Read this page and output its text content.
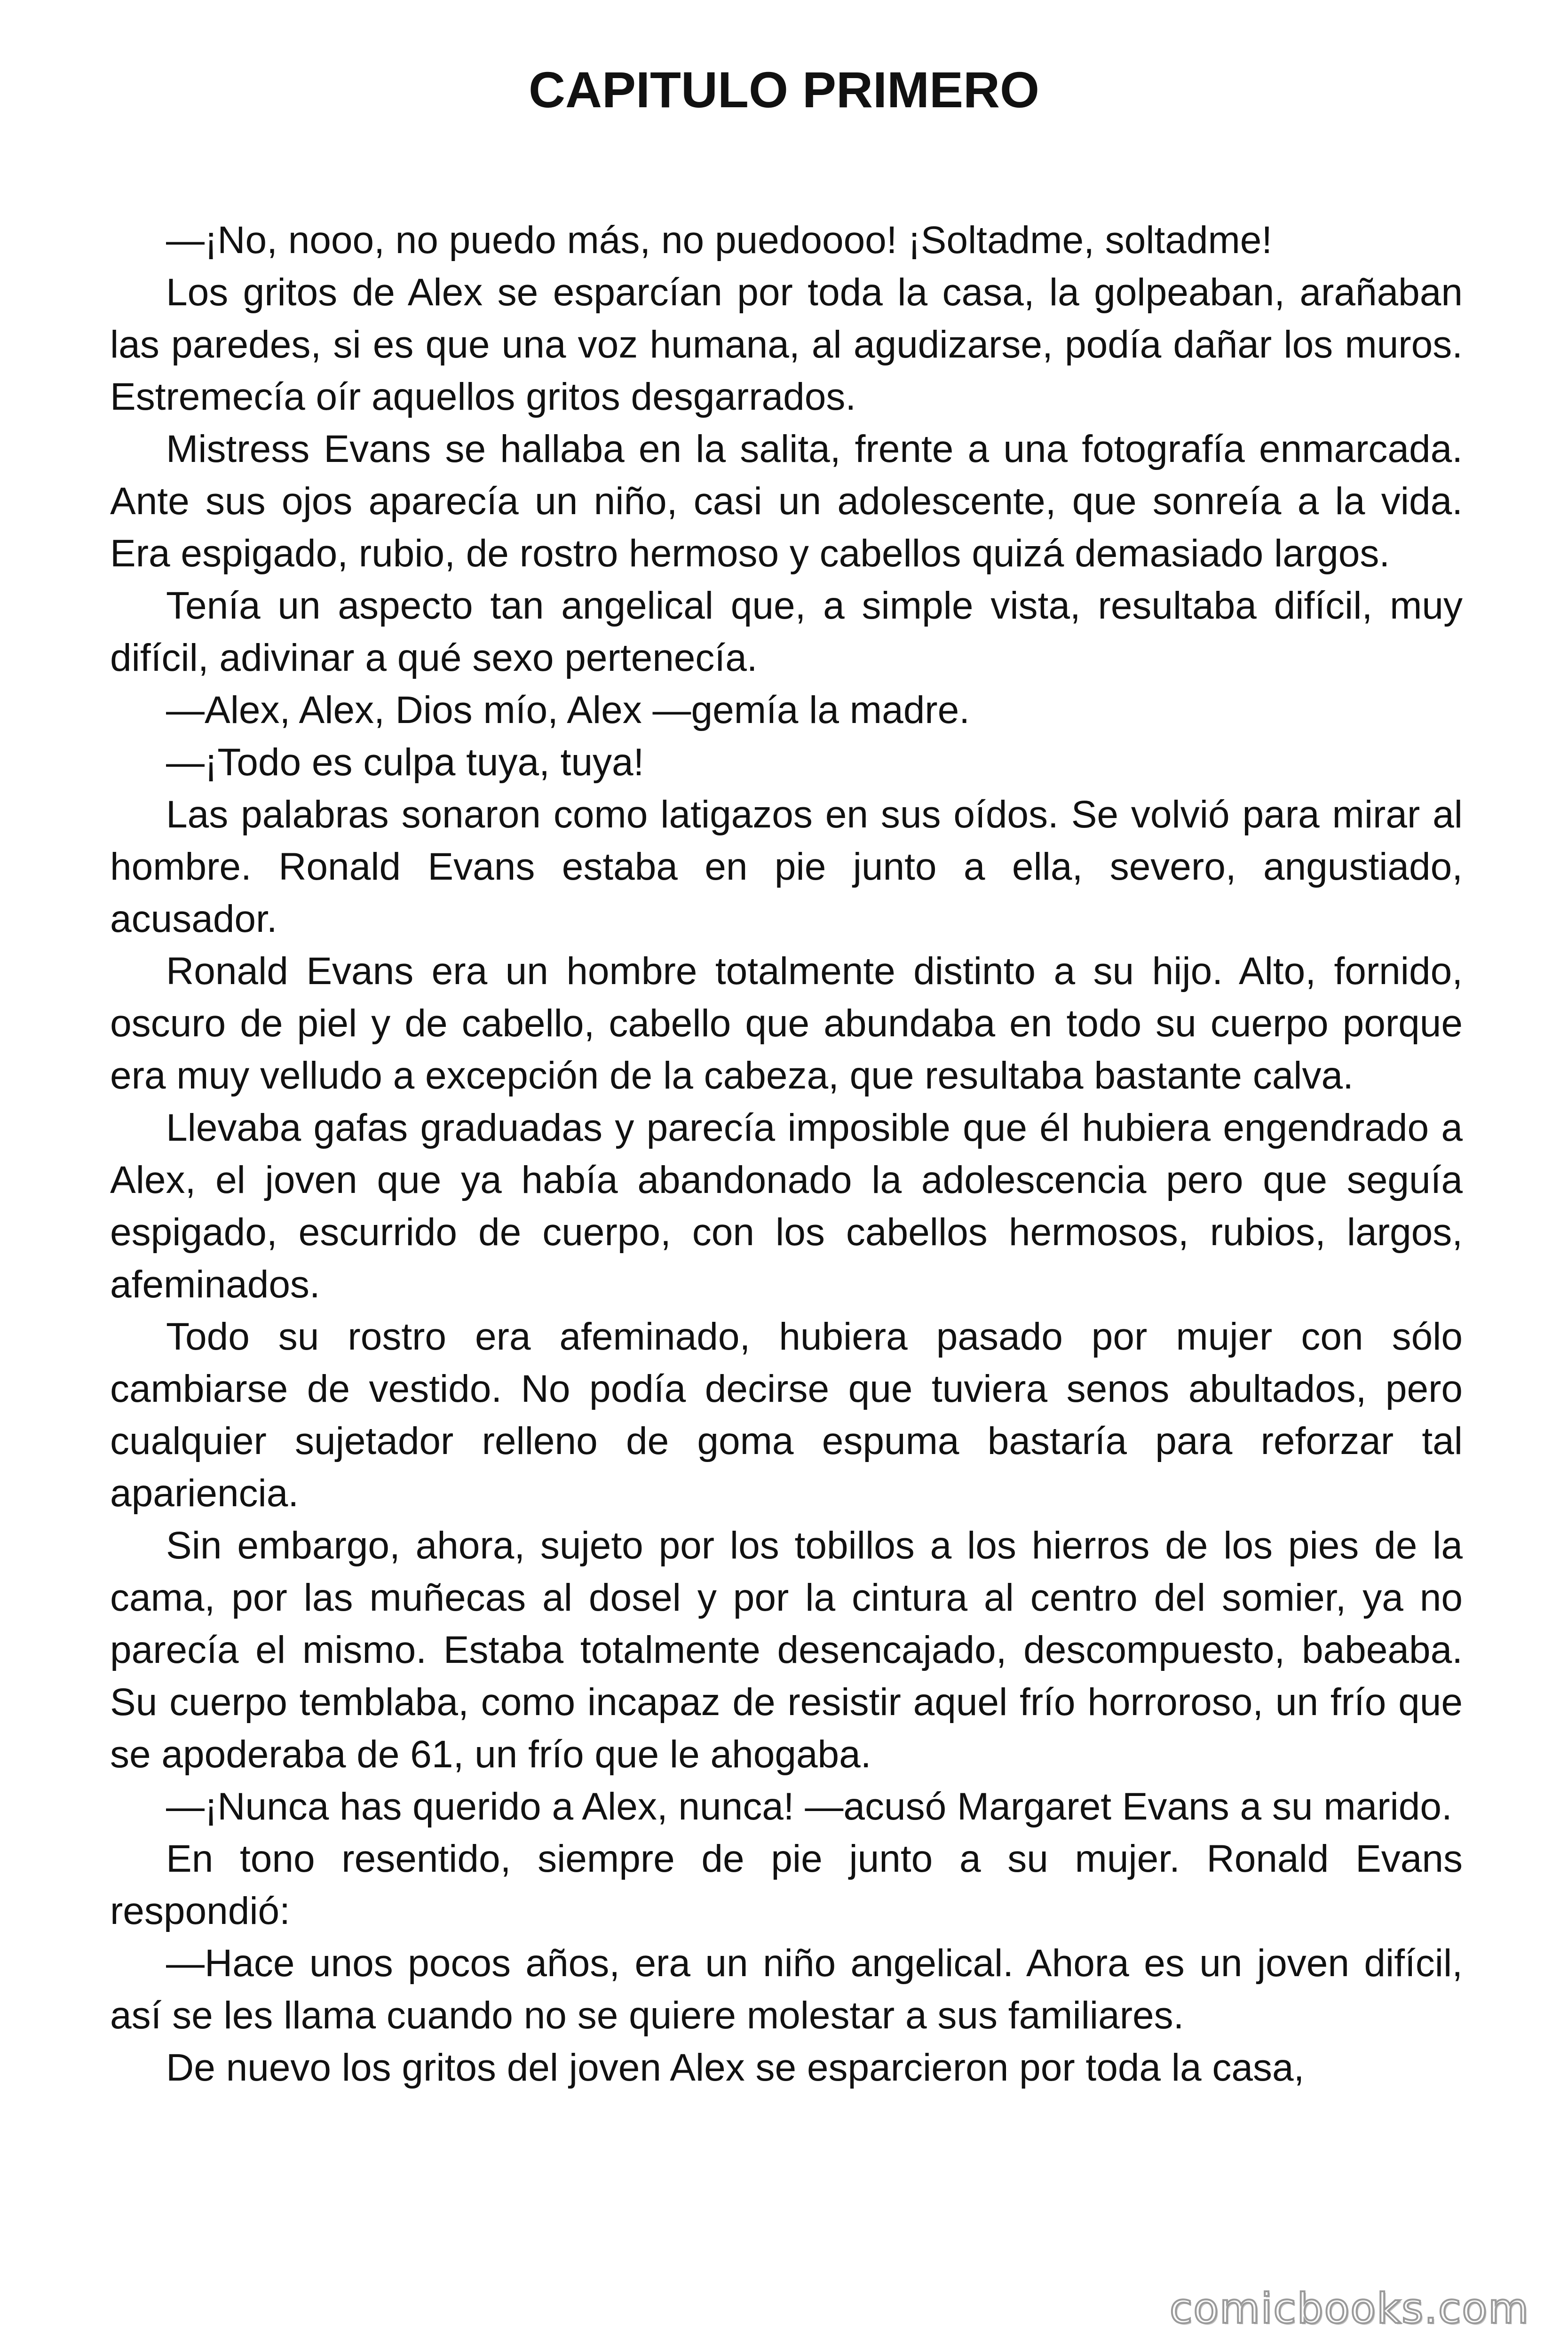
CAPITULO PRIMERO

—¡No, nooo, no puedo más, no puedoooo! ¡Soltadme, soltadme!

Los gritos de Alex se esparcían por toda la casa, la golpeaban, arañaban las paredes, si es que una voz humana, al agudizarse, podía dañar los muros. Estremecía oír aquellos gritos desgarrados.

Mistress Evans se hallaba en la salita, frente a una fotografía enmarcada. Ante sus ojos aparecía un niño, casi un adolescente, que sonreía a la vida. Era espigado, rubio, de rostro hermoso y cabellos quizá demasiado largos.

Tenía un aspecto tan angelical que, a simple vista, resultaba difícil, muy difícil, adivinar a qué sexo pertenecía.

—Alex, Alex, Dios mío, Alex —gemía la madre.

—¡Todo es culpa tuya, tuya!

Las palabras sonaron como latigazos en sus oídos. Se volvió para mirar al hombre. Ronald Evans estaba en pie junto a ella, severo, angustiado, acusador.

Ronald Evans era un hombre totalmente distinto a su hijo. Alto, fornido, oscuro de piel y de cabello, cabello que abundaba en todo su cuerpo porque era muy velludo a excepción de la cabeza, que resultaba bastante calva.

Llevaba gafas graduadas y parecía imposible que él hubiera engendrado a Alex, el joven que ya había abandonado la adolescencia pero que seguía espigado, escurrido de cuerpo, con los cabellos hermosos, rubios, largos, afeminados.

Todo su rostro era afeminado, hubiera pasado por mujer con sólo cambiarse de vestido. No podía decirse que tuviera senos abultados, pero cualquier sujetador relleno de goma espuma bastaría para reforzar tal apariencia.

Sin embargo, ahora, sujeto por los tobillos a los hierros de los pies de la cama, por las muñecas al dosel y por la cintura al centro del somier, ya no parecía el mismo. Estaba totalmente desencajado, descompuesto, babeaba. Su cuerpo temblaba, como incapaz de resistir aquel frío horroroso, un frío que se apoderaba de 61, un frío que le ahogaba.

—¡Nunca has querido a Alex, nunca! —acusó Margaret Evans a su marido.

En tono resentido, siempre de pie junto a su mujer. Ronald Evans respondió:

—Hace unos pocos años, era un niño angelical. Ahora es un joven difícil, así se les llama cuando no se quiere molestar a sus familiares.

De nuevo los gritos del joven Alex se esparcieron por toda la casa,

comicbooks.com
